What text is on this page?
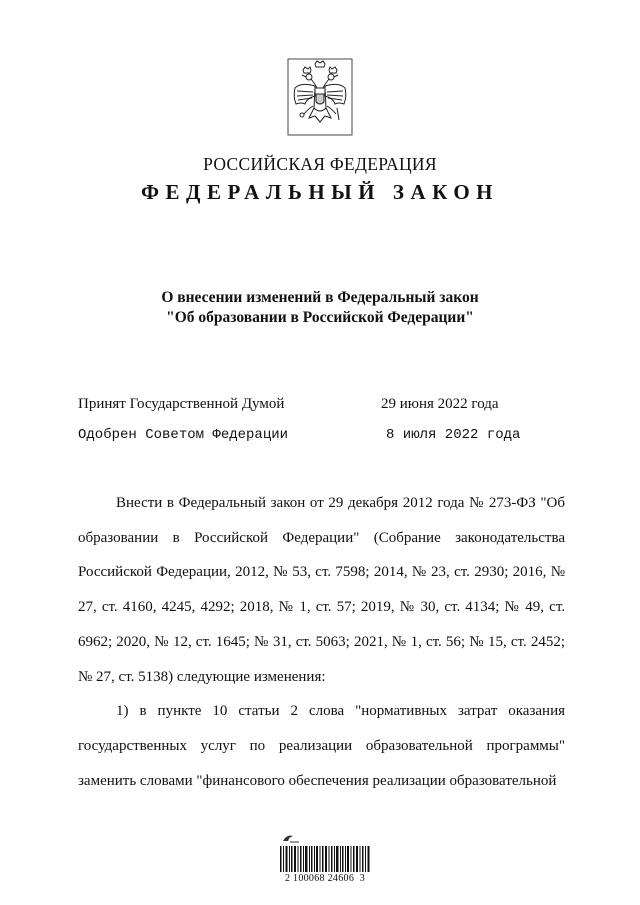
РОССИЙСКАЯ ФЕДЕРАЦИЯ
ФЕДЕРАЛЬНЫЙ ЗАКОН
О внесении изменений в Федеральный закон
"Об образовании в Российской Федерации"
Принят Государственной Думой	29 июня 2022 года
Одобрен Советом Федерации	8 июля 2022 года

Внести в Федеральный закон от 29 декабря 2012 года № 273-ФЗ "Об образовании в Российской Федерации" (Собрание законодательства Российской Федерации, 2012, № 53, ст. 7598; 2014, № 23, ст. 2930; 2016, № 27, ст. 4160, 4245, 4292; 2018, № 1, ст. 57; 2019, № 30, ст. 4134; № 49, ст. 6962; 2020, № 12, ст. 1645; № 31, ст. 5063; 2021, № 1, ст. 56; № 15, ст. 2452; № 27, ст. 5138) следующие изменения:

1) в пункте 10 статьи 2 слова "нормативных затрат оказания государственных услуг по реализации образовательной программы" заменить словами "финансового обеспечения реализации образовательной

2 100068 24606  3
